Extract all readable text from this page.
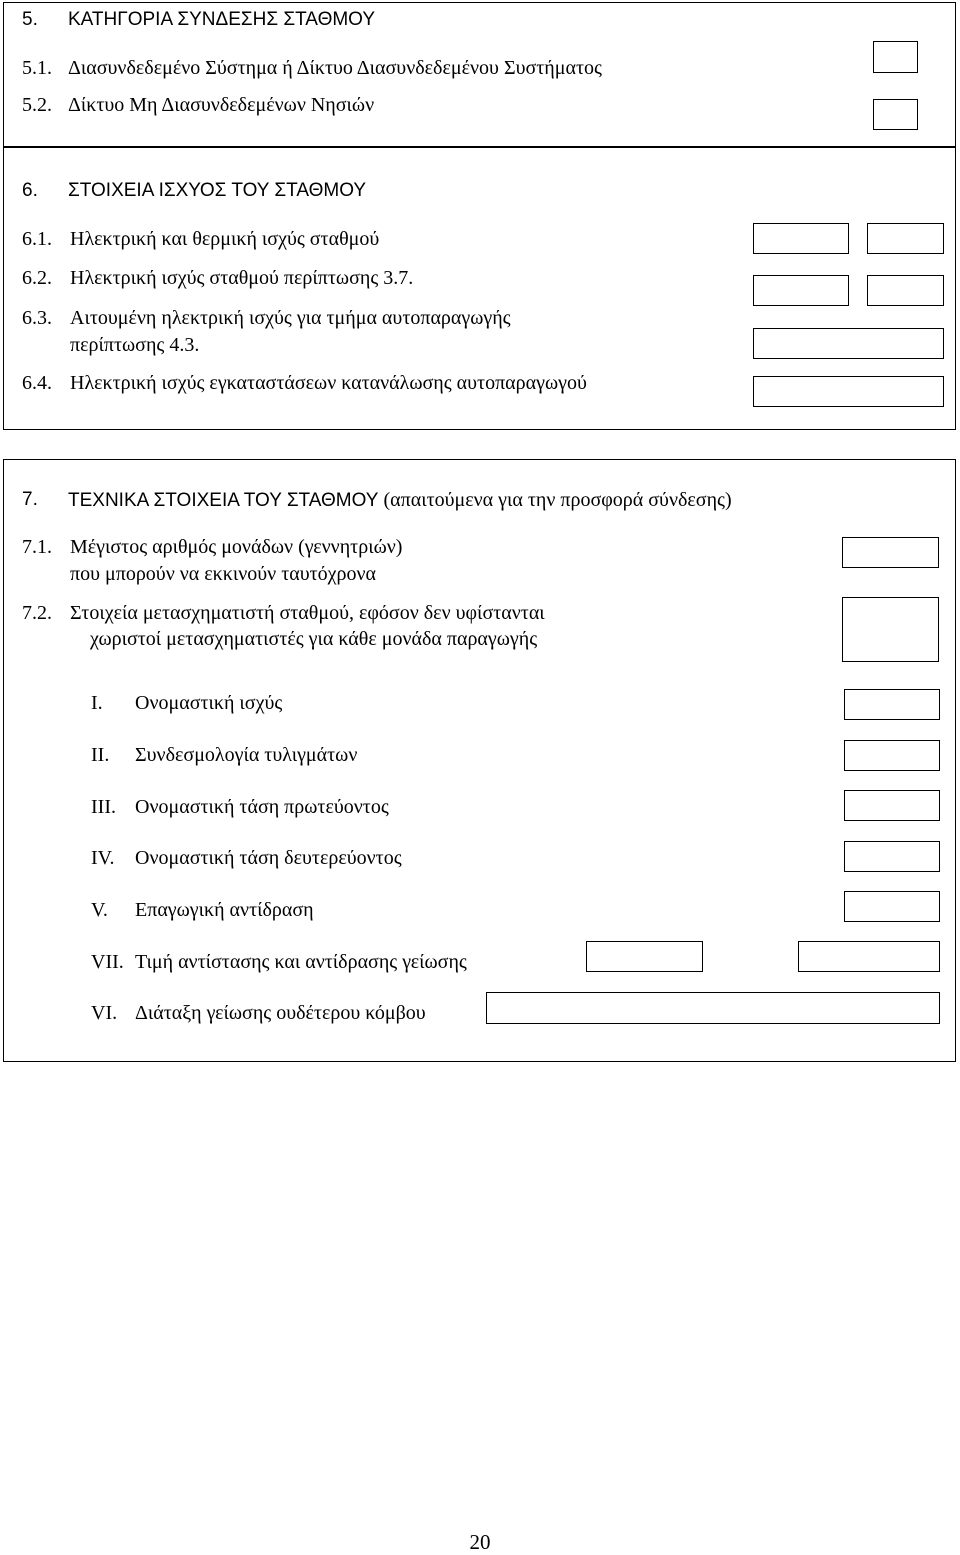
5. ΚΑΤΗΓΟΡΙΑ ΣΥΝΔΕΣΗΣ ΣΤΑΘΜΟΥ
5.1. Διασυνδεδεμένο Σύστημα ή Δίκτυο Διασυνδεδεμένου Συστήματος
5.2. Δίκτυο Μη Διασυνδεδεμένων Νησιών
6. ΣΤΟΙΧΕΙΑ ΙΣΧΥΟΣ ΤΟΥ ΣΤΑΘΜΟΥ
6.1. Ηλεκτρική και θερμική ισχύς σταθμού
6.2. Ηλεκτρική ισχύς σταθμού περίπτωσης 3.7.
6.3. Αιτουμένη ηλεκτρική ισχύς για τμήμα αυτοπαραγωγής
περίπτωσης 4.3.
6.4. Ηλεκτρική ισχύς εγκαταστάσεων κατανάλωσης αυτοπαραγωγού
7. ΤΕΧΝΙΚΑ ΣΤΟΙΧΕΙΑ ΤΟΥ ΣΤΑΘΜΟΥ (απαιτούμενα για την προσφορά σύνδεσης)
7.1. Μέγιστος αριθμός μονάδων (γεννητριών)
που μπορούν να εκκινούν ταυτόχρονα
7.2. Στοιχεία μετασχηματιστή σταθμού, εφόσον δεν υφίστανται
χωριστοί μετασχηματιστές για κάθε μονάδα παραγωγής
I. Ονομαστική ισχύς
II. Συνδεσμολογία τυλιγμάτων
III. Ονομαστική τάση πρωτεύοντος
IV. Ονομαστική τάση δευτερεύοντος
V. Επαγωγική αντίδραση
VII. Τιμή αντίστασης και αντίδρασης γείωσης
VI. Διάταξη γείωσης ουδέτερου κόμβου
20
